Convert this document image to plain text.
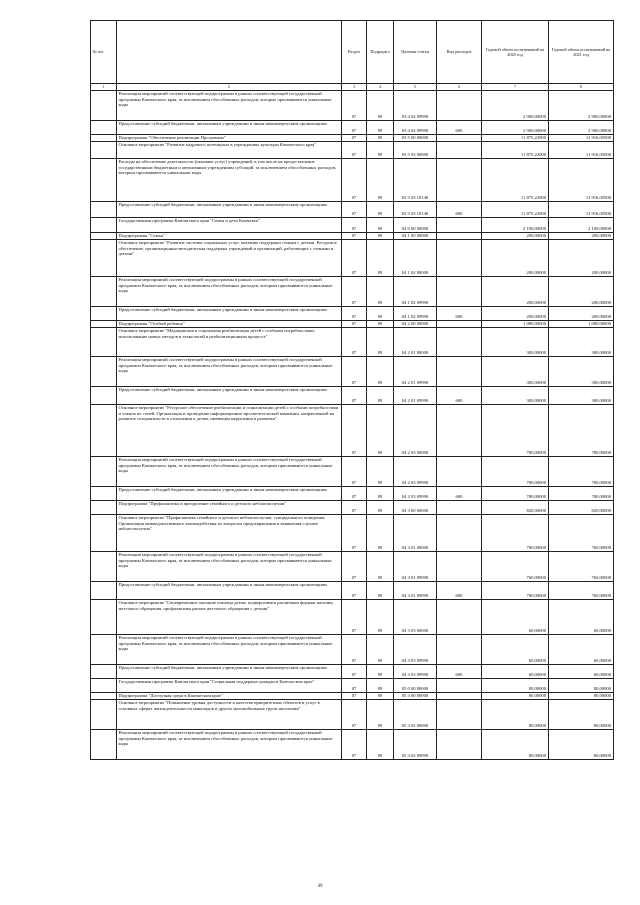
№ п/п		Раздел	Подраздел	Целевая статья	Вид расходов	Годовой объем ассигнований на 2020 год	Годовой объем ассигнований на 2021 год
1	2	3	4	5	6	7	8
	Реализация мероприятий соответствующей подпрограммы в рамках соответствующей государственной программы Камчатского края, за исключением обособленных расходов, которые присваиваются уникальные коды	07	09	03 4 02 09990		2 900,00000	2 900,00000
	Предоставление субсидий бюджетным, автономным учреждениям и иным некоммерческим организациям	07	09	03 4 02 09990	600	2 900,00000	2 900,00000
	Подпрограмма "Обеспечение реализации Программы"	07	09	03 5 00 00000		11 875,22000	11 916,05000
	Основное мероприятие "Развитие кадрового потенциала в учреждениях культуры Камчатского края"	07	09	03 5 03 00000		11 875,22000	11 916,05000
	Расходы на обеспечение деятельности (оказание услуг) учреждений, в том числе на предоставление государственным бюджетным и автономным учреждениям субсидий, за исключением обособленных расходов, которым присваиваются уникальные коды	07	09	03 5 03 10140		11 875,22000	11 916,05000
	Предоставление субсидий бюджетным, автономным учреждениям и иным некоммерческим организациям	07	09	03 5 03 10140	600	11 875,22000	11 916,05000
	Государственная программа Камчатского края "Семья и дети Камчатки"	07	09	04 0 00 00000		2 100,00000	2 100,00000
	Подпрограмма "Семья"	07	09	04 1 00 00000		200,00000	200,00000
	Основное мероприятие "Развитие системы социальных услуг, оказание поддержки семьям с детьми. Ресурсное обеспечение, организационно-методическая поддержка учреждений и организаций, работающих с семьями и детьми"	07	09	04 1 02 00000		200,00000	200,00000
	Реализация мероприятий соответствующей подпрограммы в рамках соответствующей государственной программы Камчатского края, за исключением обособленных расходов, которым присваиваются уникальные коды	07	09	04 1 02 09990		200,00000	200,00000
	Предоставление субсидий бюджетным, автономным учреждениям и иным некоммерческим организациям	07	09	04 1 02 09990	600	200,00000	200,00000
	Подпрограмма "Особый ребенок"	07	09	04 2 00 00000		1 080,00000	1 080,00000
	Основное мероприятие "Медицинская и социальная реабилитация детей с особыми потребностями, использование новых методов и технологий в реабилитационном процессе"	07	09	04 2 01 00000		300,00000	300,00000
	Реализация мероприятий соответствующей подпрограммы в рамках соответствующей государственной программы Камчатского края, за исключением обособленных расходов, которым присваиваются уникальные коды	07	09	04 2 01 09990		300,00000	300,00000
	Предоставление субсидий бюджетным, автономным учреждениям и иным некоммерческим организациям	07	09	04 2 01 09990	600	300,00000	300,00000
	Основное мероприятие "Ресурсное обеспечение реабилитации и социализации детей с особыми потребностями и членов их семей. Организация и проведение информационно-просветительской кампании, направленной на развитие толерантности в отношении к детям, имеющим нарушения в развитии"	07	09	04 2 03 00000		780,00000	780,00000
	Реализация мероприятий соответствующей подпрограммы в рамках соответствующей государственной программы Камчатского края, за исключением обособленных расходов, которым присваиваются уникальные коды	07	09	04 2 03 09990		780,00000	780,00000
	Предоставление субсидий бюджетным, автономным учреждениям и иным некоммерческим организациям	07	09	04 2 03 09990	600	780,00000	780,00000
	Подпрограмма "Профилактика и преодоление семейного и детского неблагополучия"	07	09	04 3 00 00000		820,00000	820,00000
	Основное мероприятие "Профилактика семейного и детского неблагополучия, суицидального поведения. Организация межведомственного взаимодействия по вопросам предотвращения и выявления случаев неблагополучия"	07	09	04 3 01 00000		760,00000	760,00000
	Реализация мероприятий соответствующей подпрограммы в рамках соответствующей государственной программы Камчатского края, за исключением обособленных расходов, которые присваиваются уникальные коды	07	09	04 3 01 09990		760,00000	760,00000
	Предоставление субсидий бюджетным, автономным учреждениям и иным некоммерческим организациям	07	09	04 3 01 09990	600	760,00000	760,00000
	Основное мероприятие "Своевременное оказание помощи детям, подвергшимся различным формам насилия, жестокого обращения, профилактика рисков жестокого обращения с детьми"	07	09	04 3 03 00000		60,00000	60,00000
	Реализация мероприятий соответствующей подпрограммы в рамках соответствующей государственной программы Камчатского края, за исключением обособленных расходов, которым присваиваются уникальные коды	07	09	04 3 03 09990		60,00000	60,00000
	Предоставление субсидий бюджетным, автономным учреждениям и иным некоммерческим организациям	07	09	04 3 03 09990	600	60,00000	60,00000
	Государственная программа Камчатского края "Социальная поддержка граждан в Камчатском крае"	07	09	05 0 00 00000		80,00000	80,00000
	Подпрограмма "Доступная среда в Камчатском крае"	07	09	05 3 00 00000		80,00000	80,00000
	Основное мероприятие "Повышение уровня доступности и качества приоритетных объектов и услуг в основных сферах жизнедеятельности инвалидов и других маломобильных групп населения"	07	09	05 3 02 00000		80,00000	80,00000
	Реализация мероприятий соответствующей подпрограммы в рамках соответствующей государственной программы Камчатского края, за исключением обособленных расходов, которым присваиваются уникальные коды	07	09	05 3 02 09990		80,00000	80,00000
49
